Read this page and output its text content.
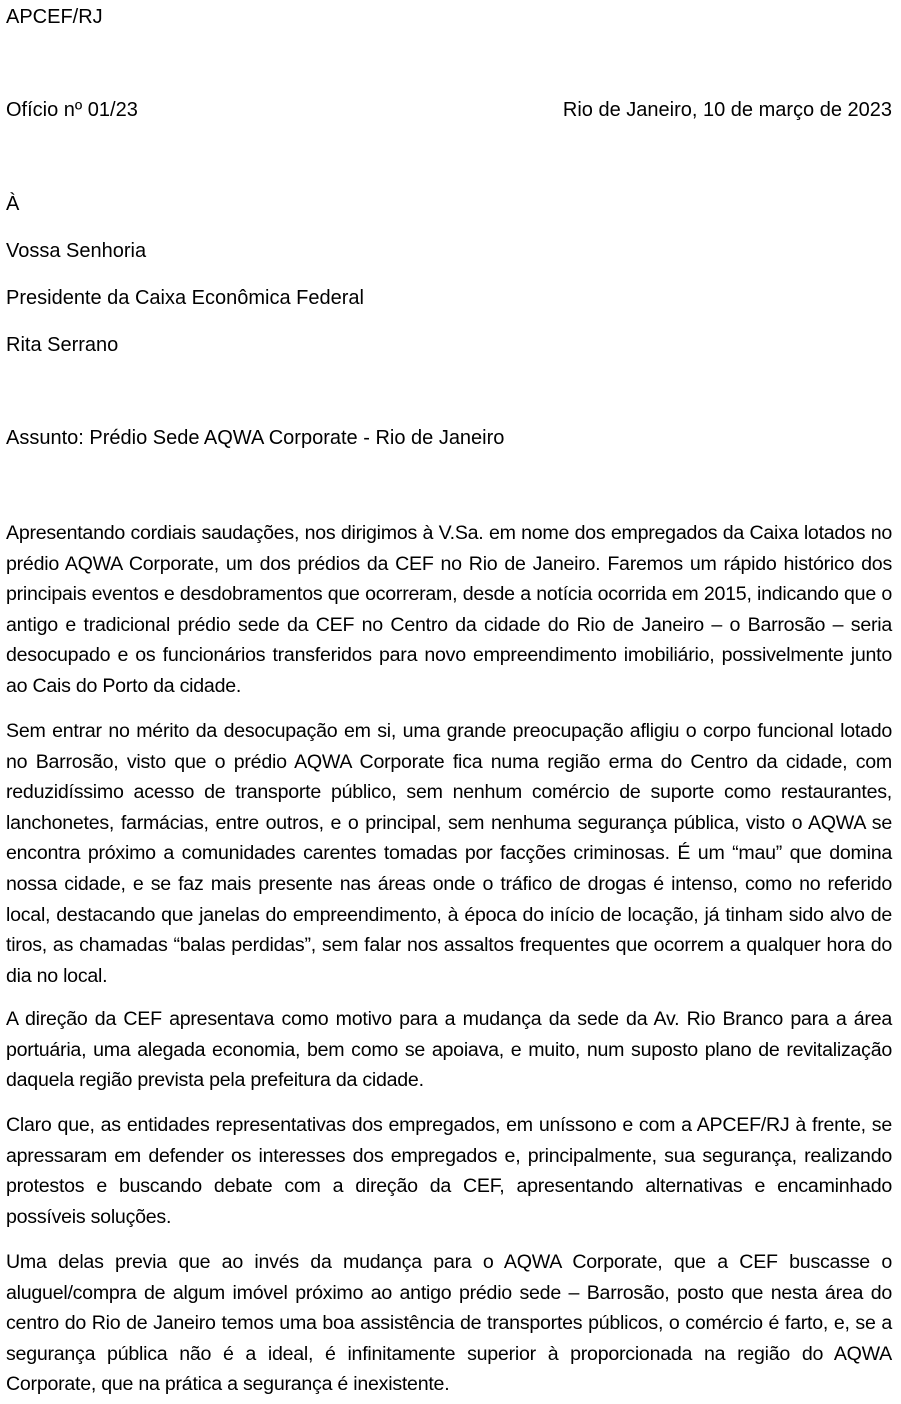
APCEF/RJ
Ofício nº 01/23	Rio de Janeiro, 10 de março de 2023
À
Vossa Senhoria
Presidente da Caixa Econômica Federal
Rita Serrano
Assunto: Prédio Sede AQWA Corporate - Rio de Janeiro

Apresentando cordiais saudações, nos dirigimos à V.Sa. em nome dos empregados da Caixa lotados no prédio AQWA Corporate, um dos prédios da CEF no Rio de Janeiro. Faremos um rápido histórico dos principais eventos e desdobramentos que ocorreram, desde a notícia ocorrida em 2015, indicando que o antigo e tradicional prédio sede da CEF no Centro da cidade do Rio de Janeiro – o Barrosão – seria desocupado e os funcionários transferidos para novo empreendimento imobiliário, possivelmente junto ao Cais do Porto da cidade.

Sem entrar no mérito da desocupação em si, uma grande preocupação afligiu o corpo funcional lotado no Barrosão, visto que o prédio AQWA Corporate fica numa região erma do Centro da cidade, com reduzidíssimo acesso de transporte público, sem nenhum comércio de suporte como restaurantes, lanchonetes, farmácias, entre outros, e o principal, sem nenhuma segurança pública, visto o AQWA se encontra próximo a comunidades carentes tomadas por facções criminosas. É um “mau” que domina nossa cidade, e se faz mais presente nas áreas onde o tráfico de drogas é intenso, como no referido local, destacando que janelas do empreendimento, à época do início de locação, já tinham sido alvo de tiros, as chamadas “balas perdidas”, sem falar nos assaltos frequentes que ocorrem a qualquer hora do dia no local.

A direção da CEF apresentava como motivo para a mudança da sede da Av. Rio Branco para a área portuária, uma alegada economia, bem como se apoiava, e muito, num suposto plano de revitalização daquela região prevista pela prefeitura da cidade.

Claro que, as entidades representativas dos empregados, em uníssono e com a APCEF/RJ à frente, se apressaram em defender os interesses dos empregados e, principalmente, sua segurança, realizando protestos e buscando debate com a direção da CEF, apresentando alternativas e encaminhado possíveis soluções.

Uma delas previa que ao invés da mudança para o AQWA Corporate, que a CEF buscasse o aluguel/compra de algum imóvel próximo ao antigo prédio sede – Barrosão, posto que nesta área do centro do Rio de Janeiro temos uma boa assistência de transportes públicos, o comércio é farto, e, se a segurança pública não é a ideal, é infinitamente superior à proporcionada na região do AQWA Corporate, que na prática a segurança é inexistente.
